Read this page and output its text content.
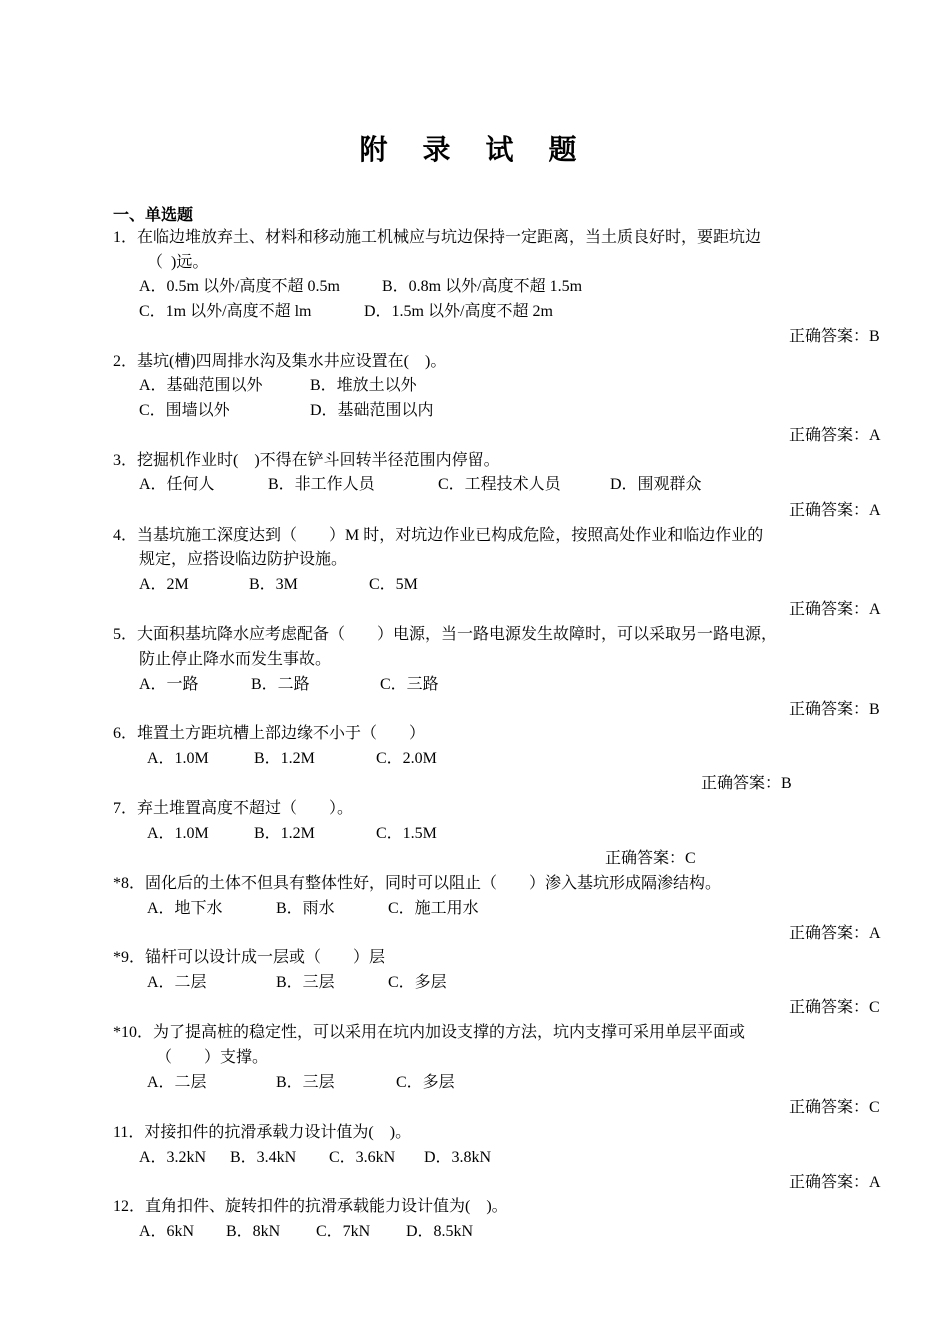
附 录 试 题
一、单选题
1．在临边堆放弃土、材料和移动施工机械应与坑边保持一定距离，当土质良好时，要距坑边
（  )远。
A．0.5m 以外/高度不超 0.5m	B．0.8m 以外/高度不超 1.5m
C．1m 以外/高度不超 lm	D．1.5m 以外/高度不超 2m
正确答案：B
2．基坑(槽)四周排水沟及集水井应设置在(    )。
A．基础范围以外	B．堆放土以外
C．围墙以外	D．基础范围以内
正确答案：A
3．挖掘机作业时(    )不得在铲斗回转半径范围内停留。
A．任何人	B．非工作人员	C．工程技术人员	D．围观群众
正确答案：A
4．当基坑施工深度达到（        ）M 时，对坑边作业已构成危险，按照高处作业和临边作业的
规定，应搭设临边防护设施。
A．2M	B．3M	C．5M
正确答案：A
5．大面积基坑降水应考虑配备（        ）电源，当一路电源发生故障时，可以采取另一路电源，
防止停止降水而发生事故。
A．一路	B．二路	C．三路
正确答案：B
6．堆置土方距坑槽上部边缘不小于（        ）
A．1.0M	B．1.2M	C．2.0M
正确答案：B
7．弃土堆置高度不超过（        ）。
A．1.0M	B．1.2M	C．1.5M
正确答案：C
*8．固化后的土体不但具有整体性好，同时可以阻止（        ）渗入基坑形成隔渗结构。
A．地下水	B．雨水	C．施工用水
正确答案：A
*9．锚杆可以设计成一层或（        ）层
A．二层	B．三层	C．多层
正确答案：C
*10．为了提高桩的稳定性，可以采用在坑内加设支撑的方法，坑内支撑可采用单层平面或
（        ）支撑。
A．二层	B．三层	C．多层
正确答案：C
11．对接扣件的抗滑承载力设计值为(    )。
A．3.2kN B．3.4kN C．3.6kN D．3.8kN
正确答案：A
12．直角扣件、旋转扣件的抗滑承载能力设计值为(    )。
A．6kN B．8kN C．7kN D．8.5kN
